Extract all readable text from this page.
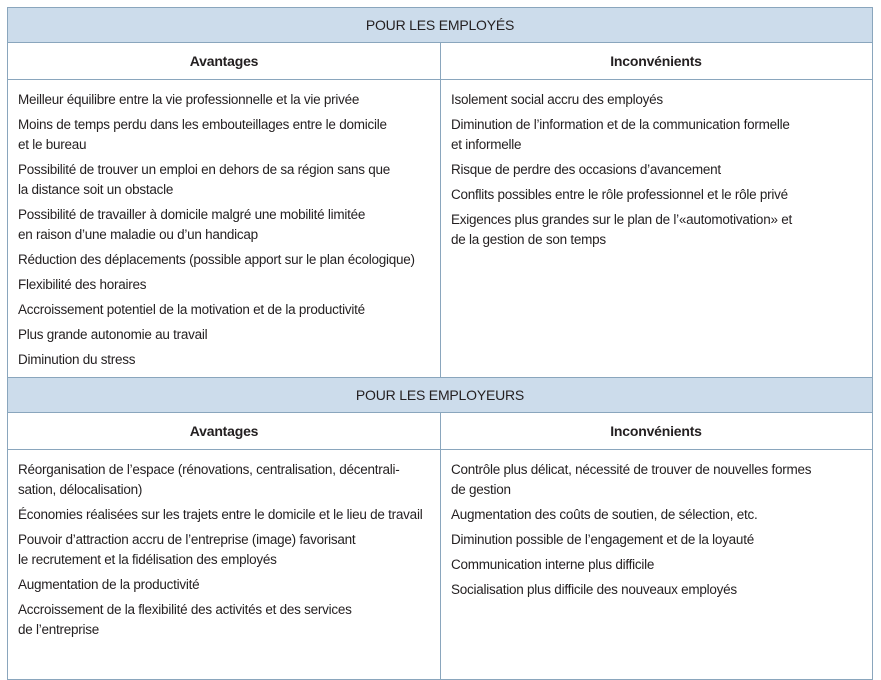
POUR LES EMPLOYÉS
Avantages	Inconvénients
Meilleur équilibre entre la vie professionnelle et la vie privée
Moins de temps perdu dans les embouteillages entre le domicile
et le bureau
Possibilité de trouver un emploi en dehors de sa région sans que
la distance soit un obstacle
Possibilité de travailler à domicile malgré une mobilité limitée
en raison d’une maladie ou d’un handicap
Réduction des déplacements (possible apport sur le plan écologique)
Flexibilité des horaires
Accroissement potentiel de la motivation et de la productivité
Plus grande autonomie au travail
Diminution du stress
Isolement social accru des employés
Diminution de l’information et de la communication formelle
et informelle
Risque de perdre des occasions d’avancement
Conflits possibles entre le rôle professionnel et le rôle privé
Exigences plus grandes sur le plan de l’«automotivation» et
de la gestion de son temps
POUR LES EMPLOYEURS
Avantages	Inconvénients
Réorganisation de l’espace (rénovations, centralisation, décentrali-
sation, délocalisation)
Économies réalisées sur les trajets entre le domicile et le lieu de travail
Pouvoir d’attraction accru de l’entreprise (image) favorisant
le recrutement et la fidélisation des employés
Augmentation de la productivité
Accroissement de la flexibilité des activités et des services
de l’entreprise
Contrôle plus délicat, nécessité de trouver de nouvelles formes
de gestion
Augmentation des coûts de soutien, de sélection, etc.
Diminution possible de l’engagement et de la loyauté
Communication interne plus difficile
Socialisation plus difficile des nouveaux employés
